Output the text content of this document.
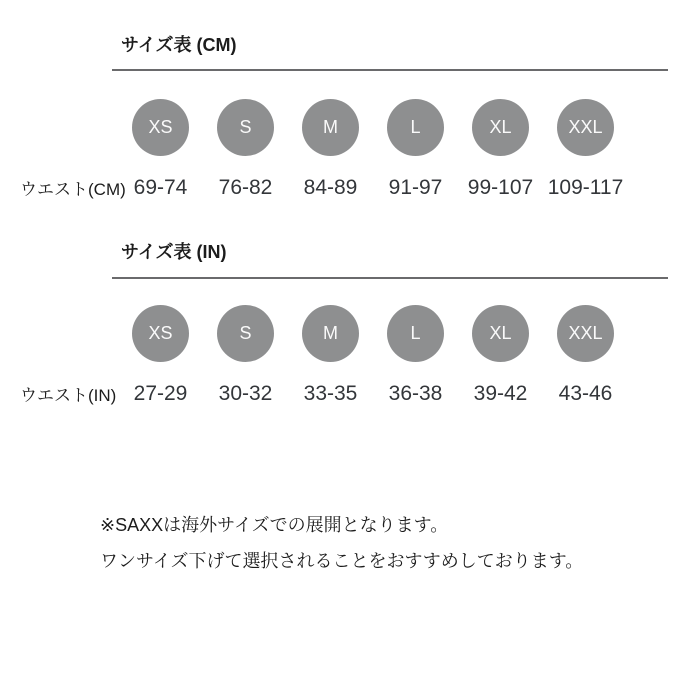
サイズ表 (CM)
XS	S	M	L	XL	XXL
ウエスト(CM) 69-74	76-82	84-89	91-97	99-107 109-117
サイズ表 (IN)
XS	S	M	L	XL	XXL
ウエスト(IN) 27-29	30-32	33-35	36-38	39-42	43-46

※SAXXは海外サイズでの展開となります。

ワンサイズ下げて選択されることをおすすめしております。
